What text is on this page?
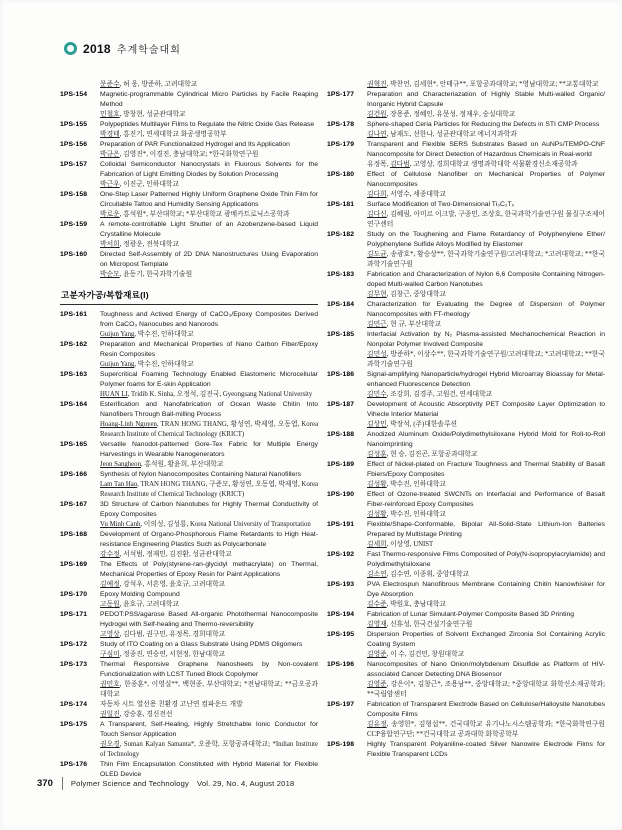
2018 추계학술대회
문준수, 허 웅, 방준하, 고려대학교
1PS-154	Magnetic-programmable Cylindrical Micro Particles by Facile Reaping Method
민철호, 방창현, 성균관대학교
1PS-155	Polypeptides Multilayer Films to Regulate the Nitric Oxide Gas Release
박경태, 홍진기, 연세대학교 화공생명공학부
1PS-156	Preparation of PAR Functionalized Hydrogel and Its Application
박규은, 김영진*, 이경진, 충남대학교; *한국화학연구원
1PS-157	Colloidal Semiconductor Nanocrystals in Fluorous Solvents for the Fabrication of Light Emitting Diodes by Solution Processing
박근우, 이진군, 인하대학교
1PS-158	One-Step Laser Patterned Highly Uniform Graphene Oxide Thin Film for Circuitable Tattoo and Humidity Sensing Applications
박로운, 홍석원*, 부산대학교; *부산대학교 광메카트로닉스공학과
1PS-159	A remote-controllable Light Shutter of an Azobenzene-based Liquid Crystalline Molecule
박서희, 정광운, 전북대학교
1PS-160	Directed Self-Assembly of 2D DNA Nanostructures Using Evaporation on Micropost Template
박순모, 윤동기, 한국과학기술원
고분자가공/복합재료(I)
1PS-161	Toughness and Actived Energy of CaCO₃/Epoxy Composites Derived from CaCO₃ Nanocubes and Nanorods
Guijun Yang, 박수진, 인하대학교
1PS-162	Preparation and Mechanical Properties of Nano Carbon Fiber/Epoxy Resin Composites
Guijun Yang, 박수진, 인하대학교
1PS-163	Supercritical Foaming Technology Enabled Elastomeric Microcellular Polymer foams for E-skin Application
HUAN LI, Tridib K. Sinha, 오정석, 김진국, Gyeongsang National University
1PS-164	Esterification and Nanofabrication of Ocean Waste Chitin Into Nanofibers Through Ball-milling Process
Hoang-Linh Nguyen, TRAN HONG THANG, 황성연, 박제영, 오동엽, Korea Research Institute of Chemical Technology (KRICT)
1PS-165	Versatile Nanodot-patterned Gore-Tex Fabric for Multiple Energy Harvestings in Wearable Nanogenerators
Jeon Sangheon, 홍석원, 황윤희, 부산대학교
1PS-166	Synthesis of Nylon Nanocomposites Containing Natural Nanofillers
Lam Tan Hao, TRAN HONG THANG, 구준모, 황성연, 오동엽, 박제영, Korea Research Institute of Chemical Technology (KRICT)
1PS-167	3D Structure of Carbon Nanotubes for Highly Thermal Conductivity of Epoxy Composites
Vu Minh Canh, 이의성, 김성룡, Korea National University of Transportation
1PS-168	Development of Organo-Phosphorous Flame Retardants to High Heat-resistance Engineering Plastics Such as Polycarbonate
강수정, 서석범, 정재민, 김진환, 성균관대학교
1PS-169	The Effects of Poly(styrene-ran-glycidyl methacrylate) on Thermal, Mechanical Properties of Epoxy Resin for Paint Applications
김예정, 강석우, 서흔영, 윤호규, 고려대학교
1PS-170	Epoxy Molding Compound
고동원, 윤호규, 고려대학교
1PS-171	PEDOT:PSS/agarose Based All-organic Photothermal Nanocomposite Hydrogel with Self-healing and Thermo-reversibility
고영상, 김다범, 권구민, 유정목, 경희대학교
1PS-172	Study of ITO Coating on a Glass Substrate Using PDMS Oligomers
구심미, 정종진, 연승연, 서현정, 한남대학교
1PS-173	Thermal Responsive Graphene Nanosheets by Non-covalent Functionalization with LCST Tuned Block Copolymer
권민호, 한종훈*, 이영실**, 백현종, 부산대학교; *전남대학교; **금오공과대학교
1PS-174	자동차 시트 열선용 친환경 고난연 컴파운드 개발
권일진, 강승훈, 경신전선
1PS-175	A Transparent, Self-Healing, Highly Stretchable Ionic Conductor for Touch Sensor Application
권오경, Suman Kalyan Samanta*, 오준학, 포항공과대학교; *Indian Institute of Technology
1PS-176	Thin Film Encapsulation Constituted with Hybrid Material for Flexible OLED Device
권혁진, 박찬언, 김세현*, 안태규**, 포항공과대학교; *영남대학교; **교통대학교
1PS-177	Preparation and Characteriazation of Highly Stable Multi-walled Organic/ Inorganic Hybrid Capsule
김건원, 장용준, 정혜인, 유문성, 정재우, 숭실대학교
1PS-178	Sphere-shaped Ceria Particles for Reducing the Defects in STI CMP Process
김나연, 남재도, 선한나, 성균관대학교 에너지과학과
1PS-179	Transparent and Flexible SERS Substrates Based on AuNPs/TEMPO-CNF Nanocomposite for Direct Detection of Hazardous Chemicals in Real-world
유정목, 김다범, 고영상, 경희대학교 생명과학대학 식물환경신소재공학과
1PS-180	Effect of Cellulose Nanofiber on Mechanical Properties of Polymer Nanocomposites
김다희, 서영수, 세종대학교
1PS-181	Surface Modification of Two-Dimensional Ti₃C₂Tₓ
김다신, 김혜림, 아미르 이크발, 구종민, 조상호, 한국과학기술연구원 물질구조제어연구센터
1PS-182	Study on the Toughening and Flame Retardancy of Polyphenylene Ether/ Polyphenylene Sulfide Alloys Modified by Elastomer
김도균, 송광호*, 황승상**, 한국과학기술연구원/고려대학교; *고려대학교; **한국과학기술연구원
1PS-183	Fabrication and Characterization of Nylon 6,6 Composite Containing Nitrogen-doped Multi-walled Carbon Nanotubes
김무현, 김창근, 중앙대학교
1PS-184	Characterization for Evaluating the Degree of Dispersion of Polymer Nanocomposites with FT-rheology
김민근, 현 규, 부산대학교
1PS-185	Interfacial Activation by N₂ Plasma-assisted Mechanochemical Reaction in Nonpolar Polymer Involved Composite
김민성, 방준하*, 이상수**, 한국과학기술연구원/고려대학교; *고려대학교; **한국과학기술연구원
1PS-186	Signal-amplifying Nanoparticle/hydrogel Hybrid Microarray Bioassay for Metal-enhanced Fluorescence Detection
김민수, 조강희, 김경주, 고원건, 연세대학교
1PS-187	Development of Acoustic Absorptivity PET Composite Layer Optimization to Vihecle Interior Material
김상민, 박장석, (주)대한솔루션
1PS-188	Anodized Aluminum Oxide/Polydimethylsiloxane Hybrid Mold for Roll-to-Roll Nanoimprinting
김성훈, 현 승, 김진곤, 포항공과대학교
1PS-189	Effect of Nickel-plated on Fracture Toughness and Thermal Stability of Basalt Fbiers/Epoxy Composites
김성황, 박수진, 인하대학교
1PS-190	Effect of Ozone-treated SWCNTs on Interfacial and Performance of Basalt Fiber-reinforced Epoxy Composites
김성황, 박수진, 인하대학교
1PS-191	Flexible/Shape-Conformable, Bipolar All-Solid-State Lithium-Ion Batteries Prepared by Multistage Printing
김세희, 이상영, UNIST
1PS-192	Fast Thermo-responsive Films Composited of Poly(N-isopropylacrylamide) and Polydimethylsiloxane
김소연, 김수연, 이종휘, 중앙대학교
1PS-193	PVA Electrospun Nanofibrous Membrane Containing Chitin Nanowhisker for Dye Absorption
김수준, 박원호, 충남대학교
1PS-194	Fabrication of Lunar Simulant-Polymer Composite Based 3D Printing
김영재, 신휴성, 한국건설기술연구원
1PS-195	Dispersion Properties of Solvent Exchanged Zirconia Sol Containing Acrylic Coating System
김영준, 이 수, 김건민, 창원대학교
1PS-196	Nanocomposites of Nano Onion/molybdenum Disulfide as Platform of HIV-associated Cancer Detecting DNA Biosensor
김영준, 강은이*, 김창근*, 조용남**, 중앙대학교; *중앙대학교 화학신소재공학과; **국립암센터
1PS-197	Fabrication of Transparent Electrode Based on Cellulose/Halloysite Nanotubes Composite Films
김유정, 송영한*, 김형섭**, 건국대학교 유기나노시스템공학과; *한국화학연구원 CCP융합연구단; **건국대학교 공과대학 화학공학부
1PS-198	Highly Transparent Polyaniline-coated Silver Nanowire Electrode Films for Flexible Transparent LCDs
370 Polymer Science and Technology Vol. 29, No. 4, August 2018
